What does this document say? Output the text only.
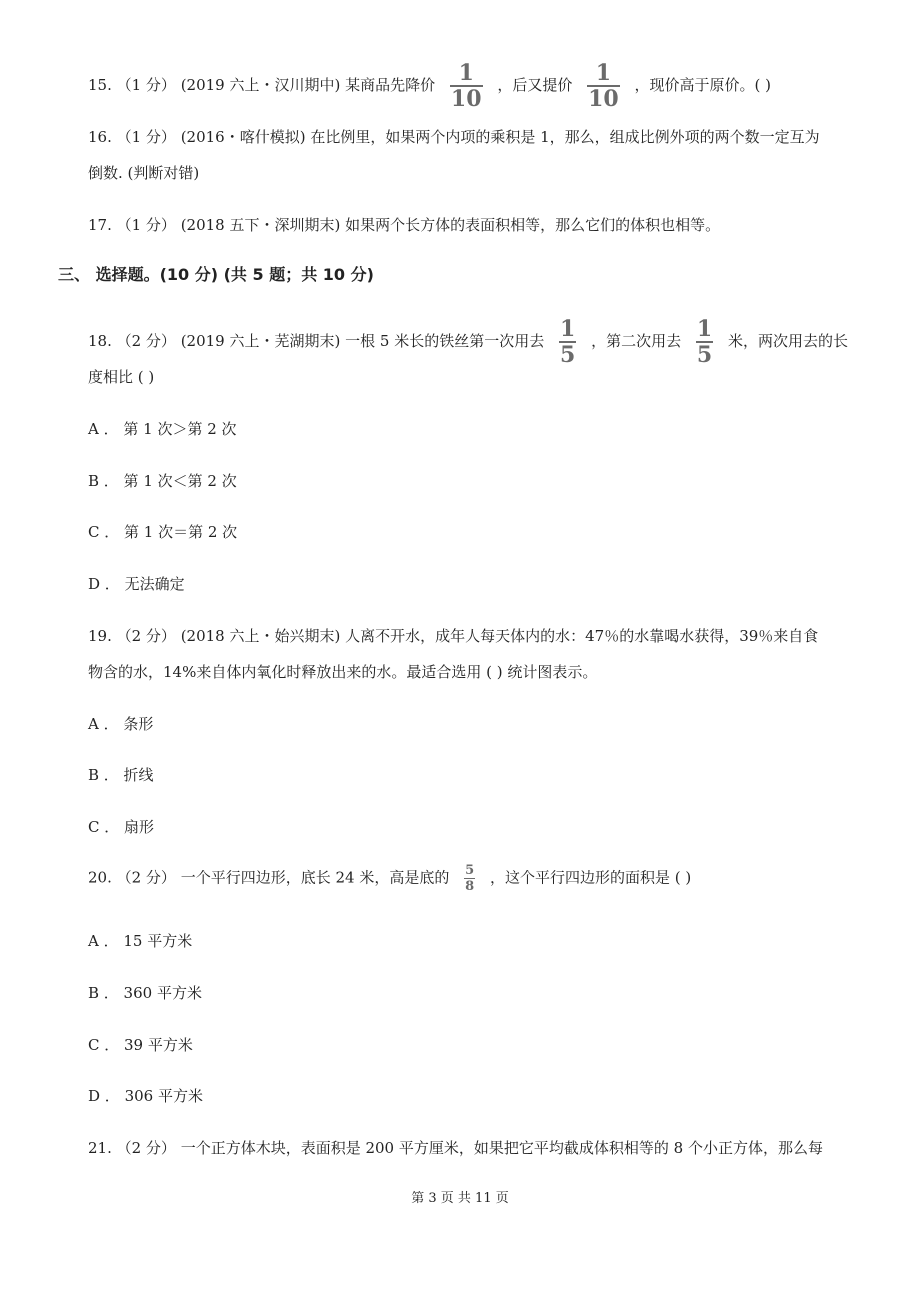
15. （1 分） (2019 六上・汉川期中) 某商品先降价 $\frac{1}{10}$ ，后又提价 $\frac{1}{10}$ ，现价高于原价。( )
16. （1 分） (2016・喀什模拟) 在比例里，如果两个内项的乘积是 1，那么，组成比例外项的两个数一定互为
倒数. (判断对错)
17. （1 分） (2018 五下・深圳期末) 如果两个长方体的表面积相等，那么它们的体积也相等。
三、 选择题。(10 分) (共 5 题；共 10 分)
18. （2 分） (2019 六上・芜湖期末) 一根 5 米长的铁丝第一次用去 $\frac{1}{5}$ ，第二次用去 $\frac{1}{5}$ 米，两次用去的长
度相比 ( )
A ． 第 1 次＞第 2 次
B ． 第 1 次＜第 2 次
C ． 第 1 次＝第 2 次
D ． 无法确定
19. （2 分） (2018 六上・始兴期末) 人离不开水，成年人每天体内的水：47％的水靠喝水获得，39％来自食
物含的水，14%来自体内氧化时释放出来的水。最适合选用 ( ) 统计图表示。
A ． 条形
B ． 折线
C ． 扇形
20. （2 分） 一个平行四边形，底长 24 米，高是底的 $\frac{5}{8}$ ，这个平行四边形的面积是 ( )
A ． 15 平方米
B ． 360 平方米
C ． 39 平方米
D ． 306 平方米
21. （2 分） 一个正方体木块，表面积是 200 平方厘米，如果把它平均截成体积相等的 8 个小正方体，那么每
第 3 页 共 11 页
